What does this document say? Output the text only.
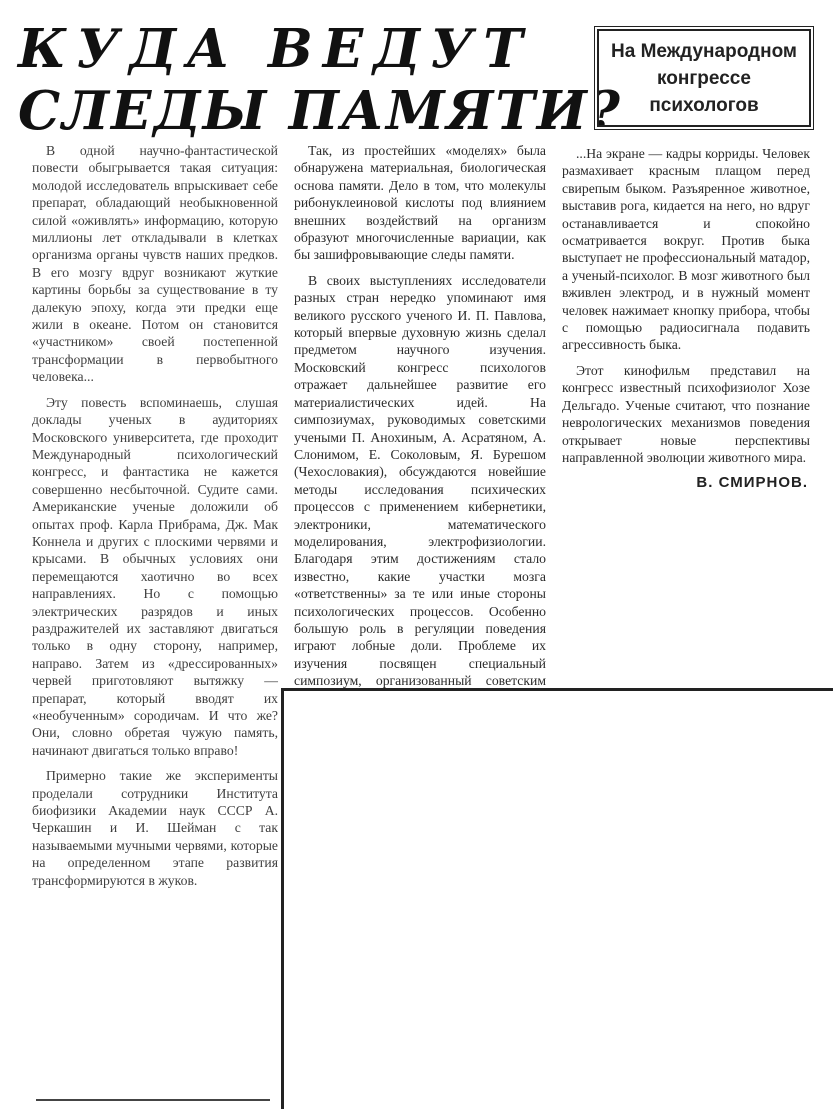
КУДА ВЕДУТ
СЛЕДЫ ПАМЯТИ?
На Международном конгрессе психологов

В одной научно-фантастической повести обыгрывается такая ситуация: молодой исследователь впрыскивает себе препарат, обладающий необыкновенной силой «оживлять» информацию, которую миллионы лет откладывали в клетках организма органы чувств наших предков. В его мозгу вдруг возникают жуткие картины борьбы за существование в ту далекую эпоху, когда эти предки еще жили в океане. Потом он становится «участником» своей постепенной трансформации в первобытного человека...

Эту повесть вспоминаешь, слушая доклады ученых в аудиториях Московского университета, где проходит Международный психологический конгресс, и фантастика не кажется совершенно несбыточной. Судите сами. Американские ученые доложили об опытах проф. Карла Прибрама, Дж. Мак Коннела и других с плоскими червями и крысами. В обычных условиях они перемещаются хаотично во всех направлениях. Но с помощью электрических разрядов и иных раздражителей их заставляют двигаться только в одну сторону, например, направо. Затем из «дрессированных» червей приготовляют вытяжку — препарат, который вводят их «необученным» сородичам. И что же? Они, словно обретая чужую память, начинают двигаться только вправо!

Примерно такие же эксперименты проделали сотрудники Института биофизики Академии наук СССР А. Черкашин и И. Шейман с так называемыми мучными червями, которые на определенном этапе развития трансформируются в жуков.

Так, из простейших «моделях» была обнаружена материальная, биологическая основа памяти. Дело в том, что молекулы рибонуклеиновой кислоты под влиянием внешних воздействий на организм образуют многочисленные вариации, как бы зашифровывающие следы памяти.

В своих выступлениях исследователи разных стран нередко упоминают имя великого русского ученого И. П. Павлова, который впервые духовную жизнь сделал предметом научного изучения. Московский конгресс психологов отражает дальнейшее развитие его материалистических идей. На симпозиумах, руководимых советскими учеными П. Анохиным, А. Асратяном, А. Слонимом, Е. Соколовым, Я. Бурешом (Чехословакия), обсуждаются новейшие методы исследования психических процессов с применением кибернетики, электроники, математического моделирования, электрофизиологии. Благодаря этим достижениям стало известно, какие участки мозга «ответственны» за те или иные стороны психологических процессов. Особенно большую роль в регуляции поведения играют лобные доли. Проблеме их изучения посвящен специальный симпозиум, организованный советским

...На экране — кадры корриды. Человек размахивает красным плащом перед свирепым быком. Разъяренное животное, выставив рога, кидается на него, но вдруг останавливается и спокойно осматривается вокруг. Против быка выступает не профессиональный матадор, а ученый-психолог. В мозг животного был вживлен электрод, и в нужный момент человек нажимает кнопку прибора, чтобы с помощью радиосигнала подавить агрессивность быка.

Этот кинофильм представил на конгресс известный психофизиолог Хозе Дельгадо. Ученые считают, что познание неврологических механизмов поведения открывает новые перспективы направленной эволюции животного мира.

В. СМИРНОВ.
